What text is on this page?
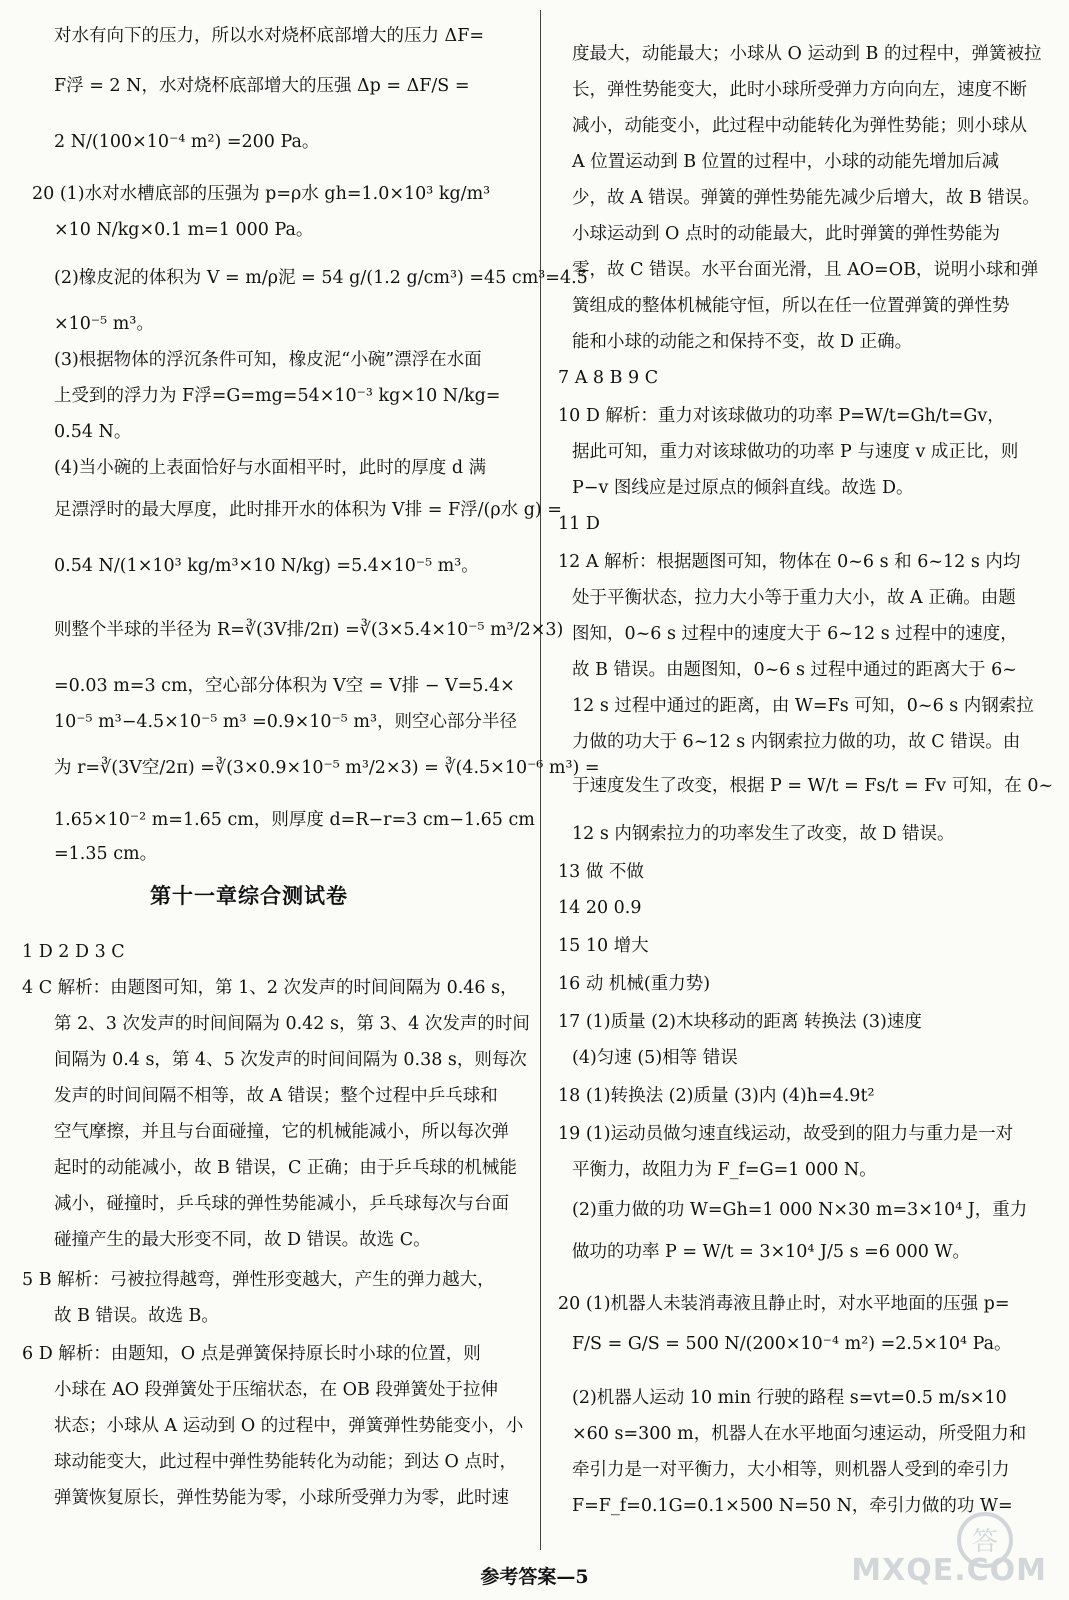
对水有向下的压力，所以水对烧杯底部增大的压力 ΔF=
F浮 = 2 N，水对烧杯底部增大的压强 Δp = ΔF/S =
2 N/(100×10⁻⁴ m²) =200 Pa。
20 (1)水对水槽底部的压强为 p=ρ水 gh=1.0×10³ kg/m³
×10 N/kg×0.1 m=1 000 Pa。
(2)橡皮泥的体积为 V = m/ρ泥 = 54 g/(1.2 g/cm³) =45 cm³=4.5
×10⁻⁵ m³。
(3)根据物体的浮沉条件可知，橡皮泥“小碗”漂浮在水面
上受到的浮力为 F浮=G=mg=54×10⁻³ kg×10 N/kg=
0.54 N。
(4)当小碗的上表面恰好与水面相平时，此时的厚度 d 满
足漂浮时的最大厚度，此时排开水的体积为 V排 = F浮/(ρ水 g) =
0.54 N/(1×10³ kg/m³×10 N/kg) =5.4×10⁻⁵ m³。
则整个半球的半径为 R=∛(3V排/2π) =∛(3×5.4×10⁻⁵ m³/2×3)
=0.03 m=3 cm，空心部分体积为 V空 = V排 − V=5.4×
10⁻⁵ m³−4.5×10⁻⁵ m³ =0.9×10⁻⁵ m³，则空心部分半径
为 r=∛(3V空/2π) =∛(3×0.9×10⁻⁵ m³/2×3) = ∛(4.5×10⁻⁶ m³) =
1.65×10⁻² m=1.65 cm，则厚度 d=R−r=3 cm−1.65 cm
=1.35 cm。
1 D 2 D 3 C
4 C 解析：由题图可知，第 1、2 次发声的时间间隔为 0.46 s，
第 2、3 次发声的时间间隔为 0.42 s，第 3、4 次发声的时间
间隔为 0.4 s，第 4、5 次发声的时间间隔为 0.38 s，则每次
发声的时间间隔不相等，故 A 错误；整个过程中乒乓球和
空气摩擦，并且与台面碰撞，它的机械能减小，所以每次弹
起时的动能减小，故 B 错误，C 正确；由于乒乓球的机械能
减小，碰撞时，乒乓球的弹性势能减小，乒乓球每次与台面
碰撞产生的最大形变不同，故 D 错误。故选 C。
5 B 解析：弓被拉得越弯，弹性形变越大，产生的弹力越大，
故 B 错误。故选 B。
6 D 解析：由题知，O 点是弹簧保持原长时小球的位置，则
小球在 AO 段弹簧处于压缩状态，在 OB 段弹簧处于拉伸
状态；小球从 A 运动到 O 的过程中，弹簧弹性势能变小，小
球动能变大，此过程中弹性势能转化为动能；到达 O 点时，
弹簧恢复原长，弹性势能为零，小球所受弹力为零，此时速
第十一章综合测试卷
度最大，动能最大；小球从 O 运动到 B 的过程中，弹簧被拉
长，弹性势能变大，此时小球所受弹力方向向左，速度不断
减小，动能变小，此过程中动能转化为弹性势能；则小球从
A 位置运动到 B 位置的过程中，小球的动能先增加后减
少，故 A 错误。弹簧的弹性势能先减少后增大，故 B 错误。
小球运动到 O 点时的动能最大，此时弹簧的弹性势能为
零，故 C 错误。水平台面光滑，且 AO=OB，说明小球和弹
簧组成的整体机械能守恒，所以在任一位置弹簧的弹性势
能和小球的动能之和保持不变，故 D 正确。
7 A 8 B 9 C
10 D 解析：重力对该球做功的功率 P=W/t=Gh/t=Gv，
据此可知，重力对该球做功的功率 P 与速度 v 成正比，则
P−v 图线应是过原点的倾斜直线。故选 D。
11 D
12 A 解析：根据题图可知，物体在 0~6 s 和 6~12 s 内均
处于平衡状态，拉力大小等于重力大小，故 A 正确。由题
图知，0~6 s 过程中的速度大于 6~12 s 过程中的速度，
故 B 错误。由题图知，0~6 s 过程中通过的距离大于 6~
12 s 过程中通过的距离，由 W=Fs 可知，0~6 s 内钢索拉
力做的功大于 6~12 s 内钢索拉力做的功，故 C 错误。由
于速度发生了改变，根据 P = W/t = Fs/t = Fv 可知，在 0~
12 s 内钢索拉力的功率发生了改变，故 D 错误。
13 做 不做
14 20 0.9
15 10 增大
16 动 机械(重力势)
17 (1)质量 (2)木块移动的距离 转换法 (3)速度
(4)匀速 (5)相等 错误
18 (1)转换法 (2)质量 (3)内 (4)h=4.9t²
19 (1)运动员做匀速直线运动，故受到的阻力与重力是一对
平衡力，故阻力为 F_f=G=1 000 N。
(2)重力做的功 W=Gh=1 000 N×30 m=3×10⁴ J，重力
做功的功率 P = W/t = 3×10⁴ J/5 s =6 000 W。
20 (1)机器人未装消毒液且静止时，对水平地面的压强 p=
F/S = G/S = 500 N/(200×10⁻⁴ m²) =2.5×10⁴ Pa。
(2)机器人运动 10 min 行驶的路程 s=vt=0.5 m/s×10
×60 s=300 m，机器人在水平地面匀速运动，所受阻力和
牵引力是一对平衡力，大小相等，则机器人受到的牵引力
F=F_f=0.1G=0.1×500 N=50 N，牵引力做的功 W=
参考答案—5
答
MXQE.COM
